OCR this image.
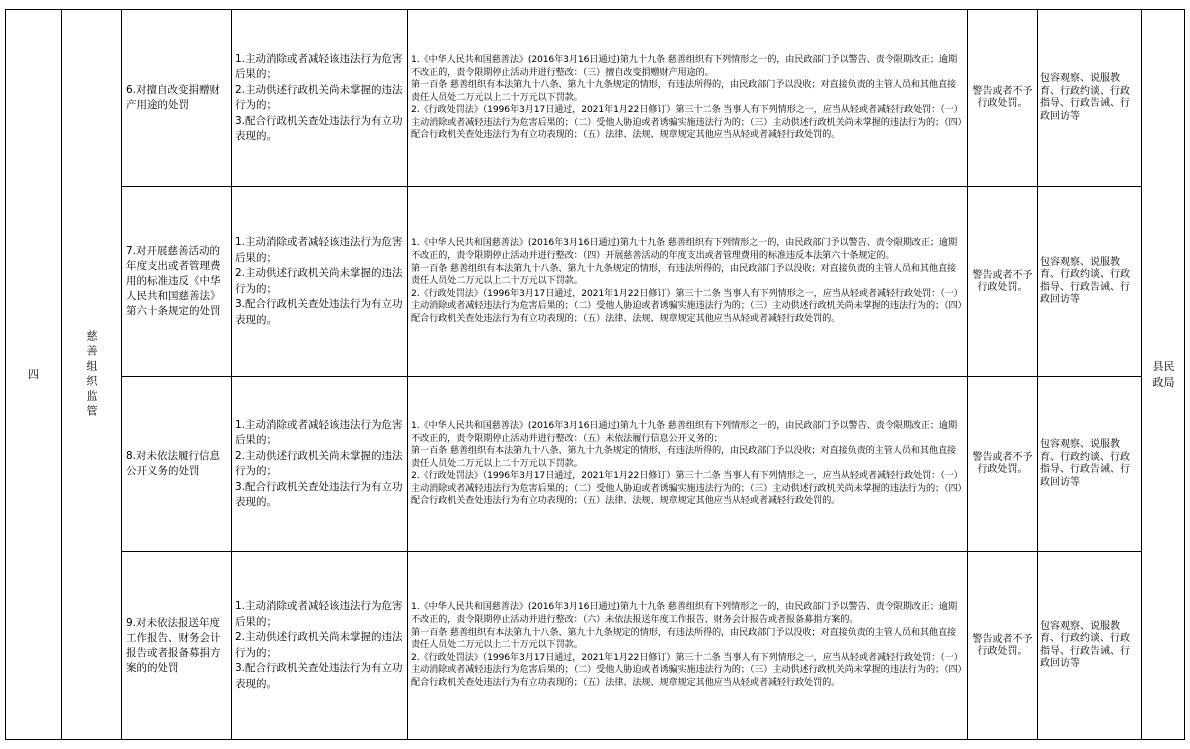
四	慈善组织监管	县民政局
6.对擅自改变捐赠财产用途的处罚
1.主动消除或者减轻该违法行为危害后果的；
2.主动供述行政机关尚未掌握的违法行为的；
3.配合行政机关查处违法行为有立功表现的。
1.《中华人民共和国慈善法》(2016年3月16日通过)第九十九条 慈善组织有下列情形之一的，由民政部门予以警告、责令限期改正；逾期不改正的，责令限期停止活动并进行整改：（三）擅自改变捐赠财产用途的。
第一百条 慈善组织有本法第九十八条、第九十九条规定的情形，有违法所得的，由民政部门予以没收；对直接负责的主管人员和其他直接责任人员处二万元以上二十万元以下罚款。
2.《行政处罚法》（1996年3月17日通过，2021年1月22日修订）第三十二条 当事人有下列情形之一，应当从轻或者减轻行政处罚：（一）主动消除或者减轻违法行为危害后果的；（二）受他人胁迫或者诱骗实施违法行为的；（三）主动供述行政机关尚未掌握的违法行为的；（四）配合行政机关查处违法行为有立功表现的；（五）法律、法规、规章规定其他应当从轻或者减轻行政处罚的。
警告或者不予行政处罚。
包容观察、说服教育、行政约谈、行政指导、行政告诫、行政回访等
7.对开展慈善活动的年度支出或者管理费用的标准违反《中华人民共和国慈善法》第六十条规定的处罚
1.主动消除或者减轻该违法行为危害后果的；
2.主动供述行政机关尚未掌握的违法行为的；
3.配合行政机关查处违法行为有立功表现的。
1.《中华人民共和国慈善法》(2016年3月16日通过)第九十九条 慈善组织有下列情形之一的，由民政部门予以警告、责令限期改正；逾期不改正的，责令限期停止活动并进行整改：（四）开展慈善活动的年度支出或者管理费用的标准违反本法第六十条规定的。
第一百条 慈善组织有本法第九十八条、第九十九条规定的情形，有违法所得的，由民政部门予以没收；对直接负责的主管人员和其他直接责任人员处二万元以上二十万元以下罚款。
2.《行政处罚法》（1996年3月17日通过，2021年1月22日修订）第三十二条 当事人有下列情形之一，应当从轻或者减轻行政处罚：（一）主动消除或者减轻违法行为危害后果的；（二）受他人胁迫或者诱骗实施违法行为的；（三）主动供述行政机关尚未掌握的违法行为的；（四）配合行政机关查处违法行为有立功表现的；（五）法律、法规、规章规定其他应当从轻或者减轻行政处罚的。
警告或者不予行政处罚。
包容观察、说服教育、行政约谈、行政指导、行政告诫、行政回访等
8.对未依法履行信息公开义务的处罚
1.主动消除或者减轻该违法行为危害后果的；
2.主动供述行政机关尚未掌握的违法行为的；
3.配合行政机关查处违法行为有立功表现的。
1.《中华人民共和国慈善法》(2016年3月16日通过)第九十九条 慈善组织有下列情形之一的，由民政部门予以警告、责令限期改正；逾期不改正的，责令限期停止活动并进行整改：（五）未依法履行信息公开义务的；
第一百条 慈善组织有本法第九十八条、第九十九条规定的情形，有违法所得的，由民政部门予以没收；对直接负责的主管人员和其他直接责任人员处二万元以上二十万元以下罚款。
2.《行政处罚法》（1996年3月17日通过，2021年1月22日修订）第三十二条 当事人有下列情形之一，应当从轻或者减轻行政处罚：（一）主动消除或者减轻违法行为危害后果的；（二）受他人胁迫或者诱骗实施违法行为的；（三）主动供述行政机关尚未掌握的违法行为的；（四）配合行政机关查处违法行为有立功表现的；（五）法律、法规、规章规定其他应当从轻或者减轻行政处罚的。
警告或者不予行政处罚。
包容观察、说服教育、行政约谈、行政指导、行政告诫、行政回访等
9.对未依法报送年度工作报告、财务会计报告或者报备募捐方案的的处罚
1.主动消除或者减轻该违法行为危害后果的；
2.主动供述行政机关尚未掌握的违法行为的；
3.配合行政机关查处违法行为有立功表现的。
1.《中华人民共和国慈善法》(2016年3月16日通过)第九十九条 慈善组织有下列情形之一的，由民政部门予以警告、责令限期改正；逾期不改正的，责令限期停止活动并进行整改：（六）未依法报送年度工作报告、财务会计报告或者报备募捐方案的。
第一百条 慈善组织有本法第九十八条、第九十九条规定的情形，有违法所得的，由民政部门予以没收；对直接负责的主管人员和其他直接责任人员处二万元以上二十万元以下罚款。
2.《行政处罚法》（1996年3月17日通过，2021年1月22日修订）第三十二条 当事人有下列情形之一，应当从轻或者减轻行政处罚：（一）主动消除或者减轻违法行为危害后果的；（二）受他人胁迫或者诱骗实施违法行为的；（三）主动供述行政机关尚未掌握的违法行为的；（四）配合行政机关查处违法行为有立功表现的；（五）法律、法规、规章规定其他应当从轻或者减轻行政处罚的。
警告或者不予行政处罚。
包容观察、说服教育、行政约谈、行政指导、行政告诫、行政回访等
